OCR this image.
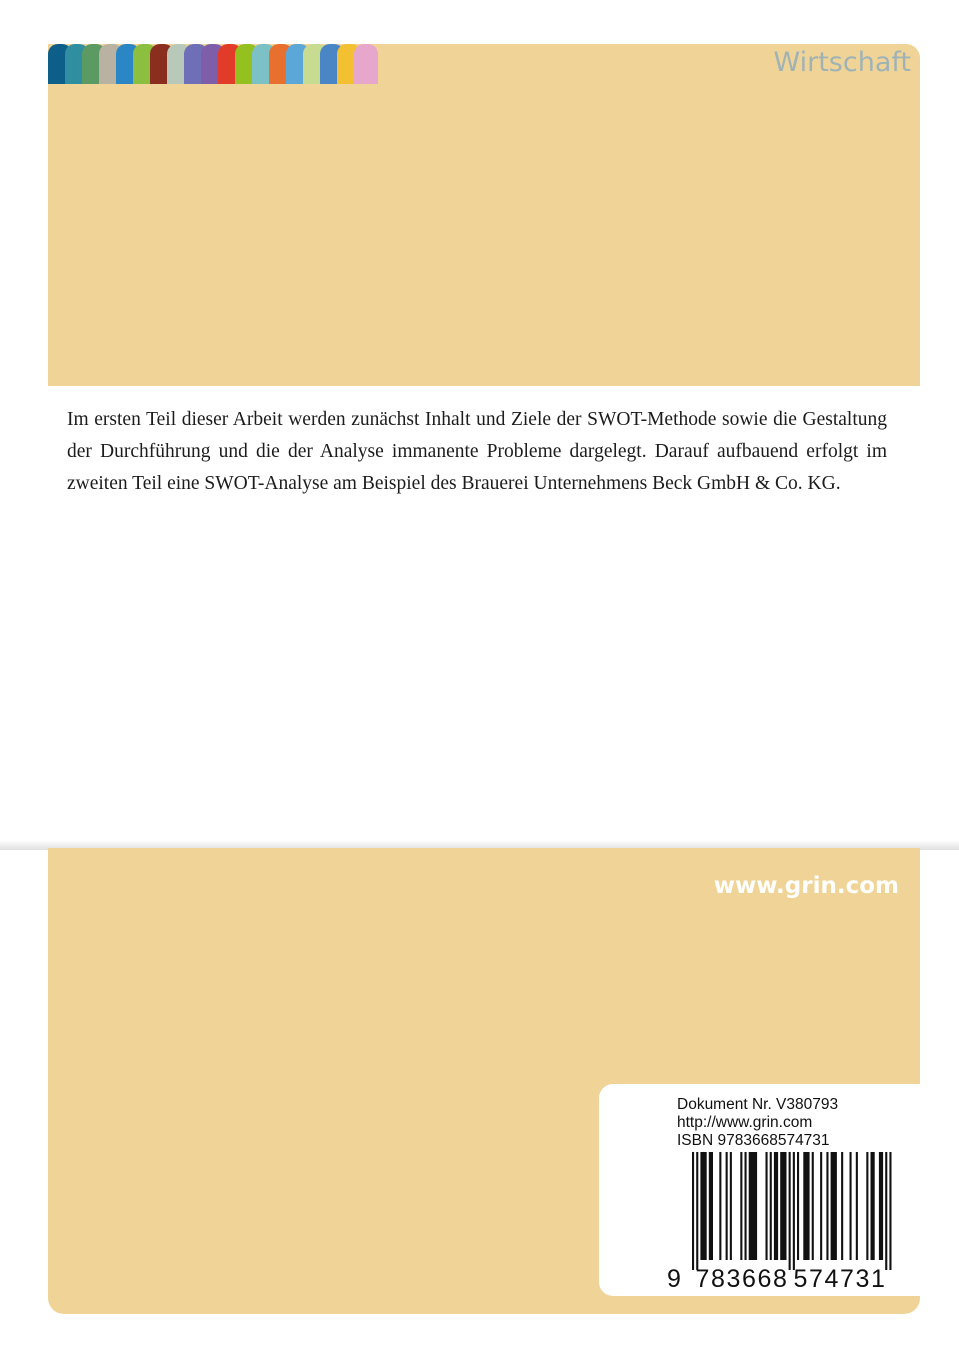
Wirtschaft

Im ersten Teil dieser Arbeit werden zunächst Inhalt und Ziele der SWOT-Methode sowie die Gestaltung der Durchführung und die der Analyse immanente Probleme dargelegt. Darauf aufbauend erfolgt im zweiten Teil eine SWOT-Analyse am Beispiel des Brauerei Unternehmens Beck GmbH & Co. KG.

www.grin.com
Dokument Nr. V380793
http://www.grin.com
ISBN 9783668574731
9 783668 574731
